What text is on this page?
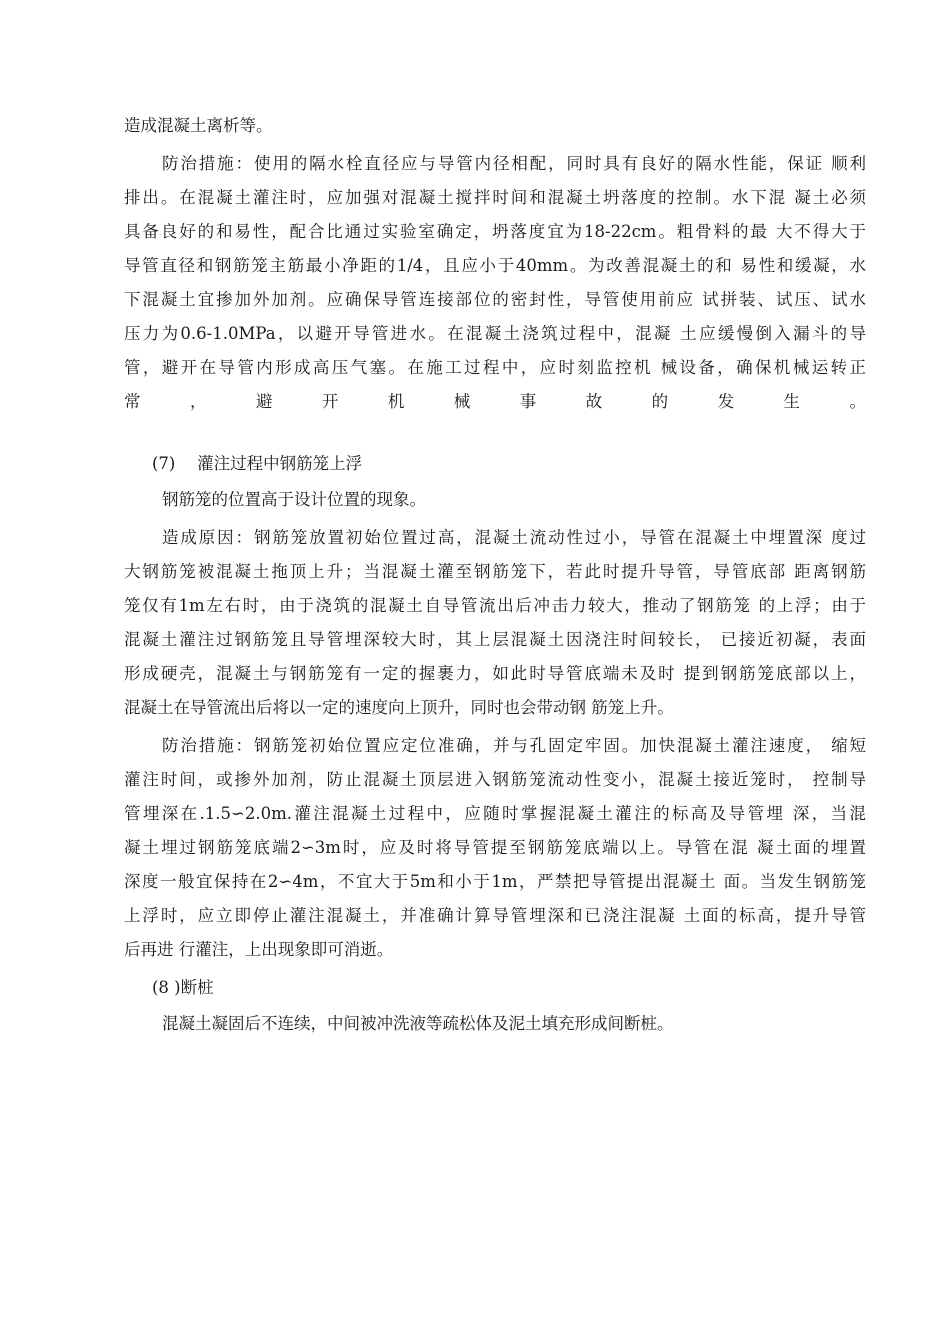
造成混凝土离析等。
防治措施：使用的隔水栓直径应与导管内径相配，同时具有良好的隔水性能，保证 顺利
排出。在混凝土灌注时，应加强对混凝土搅拌时间和混凝土坍落度的控制。水下混 凝土必须
具备良好的和易性，配合比通过实验室确定，坍落度宜为18-22cm。粗骨料的最 大不得大于
导管直径和钢筋笼主筋最小净距的1/4，且应小于40mm。为改善混凝土的和 易性和缓凝，水
下混凝土宜掺加外加剂。应确保导管连接部位的密封性，导管使用前应 试拼装、试压、试水
压力为0.6-1.0MPa，以避开导管进水。在混凝土浇筑过程中，混凝 土应缓慢倒入漏斗的导
管，避开在导管内形成高压气塞。在施工过程中，应时刻监控机 械设备，确保机械运转正
常，避开机械事故的发生。
(7)　 灌注过程中钢筋笼上浮
钢筋笼的位置高于设计位置的现象。
造成原因：钢筋笼放置初始位置过高，混凝土流动性过小，导管在混凝土中埋置深 度过
大钢筋笼被混凝土拖顶上升；当混凝土灌至钢筋笼下，若此时提升导管，导管底部 距离钢筋
笼仅有1m左右时，由于浇筑的混凝土自导管流出后冲击力较大，推动了钢筋笼 的上浮；由于
混凝土灌注过钢筋笼且导管埋深较大时，其上层混凝土因浇注时间较长， 已接近初凝，表面
形成硬壳，混凝土与钢筋笼有一定的握裹力，如此时导管底端未及时 提到钢筋笼底部以上，
混凝土在导管流出后将以一定的速度向上顶升，同时也会带动钢 筋笼上升。
防治措施：钢筋笼初始位置应定位准确，并与孔固定牢固。加快混凝土灌注速度， 缩短
灌注时间，或掺外加剂，防止混凝土顶层进入钢筋笼流动性变小，混凝土接近笼时， 控制导
管埋深在.1.5∽2.0m.灌注混凝土过程中，应随时掌握混凝土灌注的标高及导管埋 深，当混
凝土埋过钢筋笼底端2∽3m时，应及时将导管提至钢筋笼底端以上。导管在混 凝土面的埋置
深度一般宜保持在2∽4m，不宜大于5m和小于1m，严禁把导管提出混凝土 面。当发生钢筋笼
上浮时，应立即停止灌注混凝土，并准确计算导管埋深和已浇注混凝 土面的标高，提升导管
后再进 行灌注，上出现象即可消逝。
(8 )断桩
混凝土凝固后不连续，中间被冲洗液等疏松体及泥土填充形成间断桩。
